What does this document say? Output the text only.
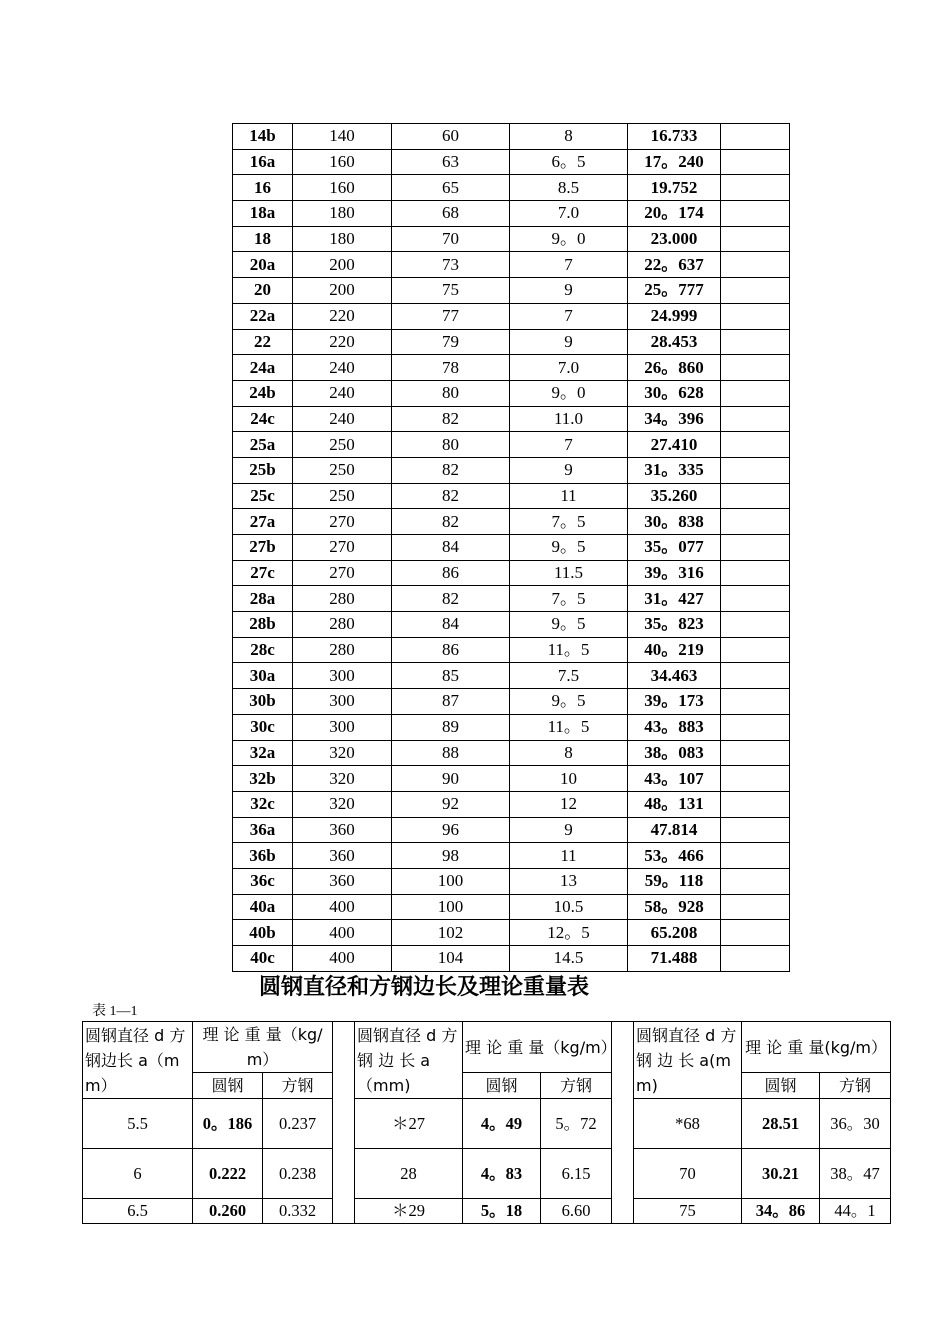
14b	140	60	8	16.733	
16a	160	63	6。5	17。240	
16	160	65	8.5	19.752	
18a	180	68	7.0	20。174	
18	180	70	9。0	23.000	
20a	200	73	7	22。637	
20	200	75	9	25。777	
22a	220	77	7	24.999	
22	220	79	9	28.453	
24a	240	78	7.0	26。860	
24b	240	80	9。0	30。628	
24c	240	82	11.0	34。396	
25a	250	80	7	27.410	
25b	250	82	9	31。335	
25c	250	82	11	35.260	
27a	270	82	7。5	30。838	
27b	270	84	9。5	35。077	
27c	270	86	11.5	39。316	
28a	280	82	7。5	31。427	
28b	280	84	9。5	35。823	
28c	280	86	11。5	40。219	
30a	300	85	7.5	34.463	
30b	300	87	9。5	39。173	
30c	300	89	11。5	43。883	
32a	320	88	8	38。083	
32b	320	90	10	43。107	
32c	320	92	12	48。131	
36a	360	96	9	47.814	
36b	360	98	11	53。466	
36c	360	100	13	59。118	
40a	400	100	10.5	58。928	
40b	400	102	12。5	65.208	
40c	400	104	14.5	71.488	
圆钢直径和方钢边长及理论重量表
表 1—1
圆钢直径 d 方钢边长 a（mm）	理 论 重 量（kg/m）			圆钢直径 d 方 钢 边 长 a（mm)	理 论 重 量（kg/m）			圆钢直径 d 方 钢 边 长 a(mm)	理 论 重 量(kg/m）	
	圆钢	方钢			圆钢	方钢			圆钢	方钢
5.5	0。186	0.237		＊27	4。49	5。72		*68	28.51	36。30
6	0.222	0.238		28	4。83	6.15		70	30.21	38。47
6.5	0.260	0.332		＊29	5。18	6.60		75	34。86	44。1
